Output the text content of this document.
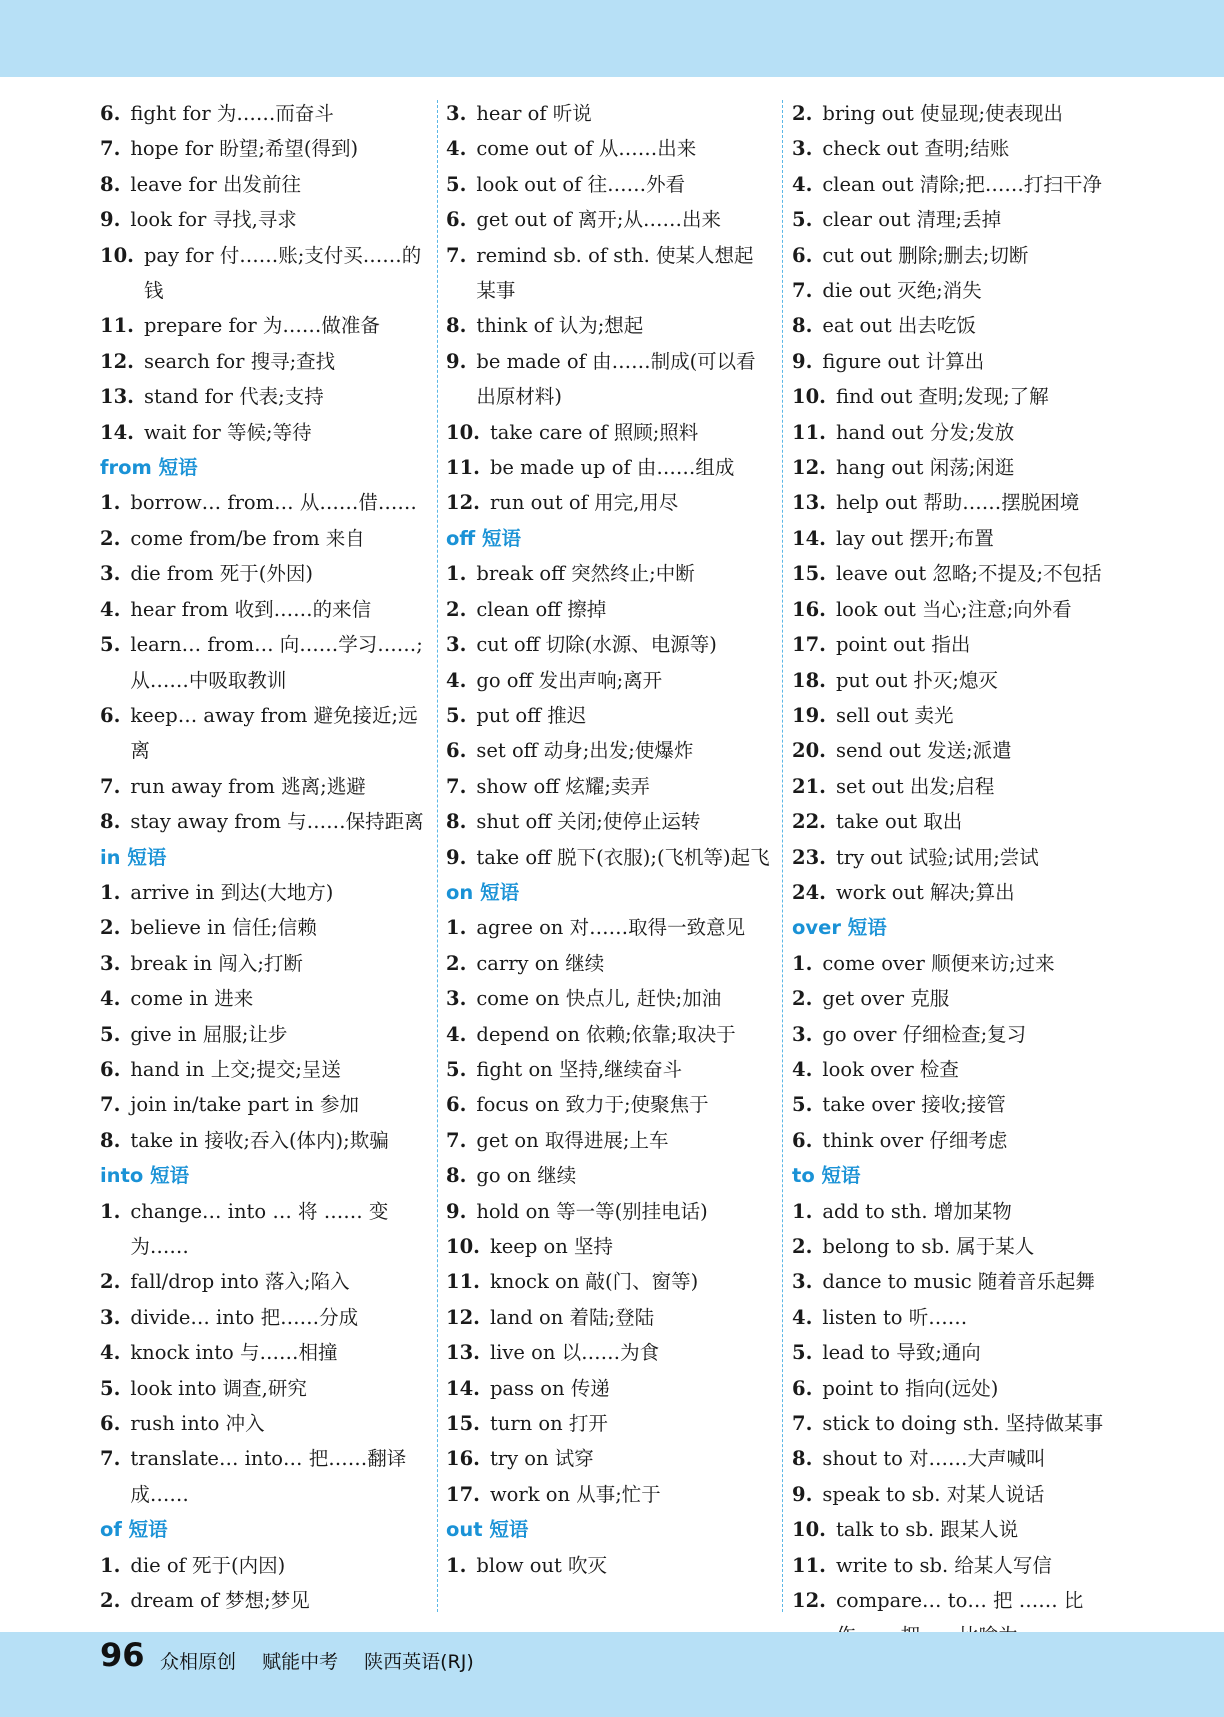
6. fight for 为……而奋斗
7. hope for 盼望;希望(得到)
8. leave for 出发前往
9. look for 寻找,寻求
10. pay for 付……账;支付买……的钱
11. prepare for 为……做准备
12. search for 搜寻;查找
13. stand for 代表;支持
14. wait for 等候;等待
from 短语
1. borrow… from… 从……借……
2. come from/be from 来自
3. die from 死于(外因)
4. hear from 收到……的来信
5. learn… from… 向……学习……;从……中吸取教训
6. keep… away from 避免接近;远离
7. run away from 逃离;逃避
8. stay away from 与……保持距离
in 短语
1. arrive in 到达(大地方)
2. believe in 信任;信赖
3. break in 闯入;打断
4. come in 进来
5. give in 屈服;让步
6. hand in 上交;提交;呈送
7. join in/take part in 参加
8. take in 接收;吞入(体内);欺骗
into 短语
1. change… into … 将 …… 变为……
2. fall/drop into 落入;陷入
3. divide… into 把……分成
4. knock into 与……相撞
5. look into 调查,研究
6. rush into 冲入
7. translate… into… 把……翻译成……
of 短语
1. die of 死于(内因)
2. dream of 梦想;梦见
3. hear of 听说
4. come out of 从……出来
5. look out of 往……外看
6. get out of 离开;从……出来
7. remind sb. of sth. 使某人想起某事
8. think of 认为;想起
9. be made of 由……制成(可以看出原材料)
10. take care of 照顾;照料
11. be made up of 由……组成
12. run out of 用完,用尽
off 短语
1. break off 突然终止;中断
2. clean off 擦掉
3. cut off 切除(水源、电源等)
4. go off 发出声响;离开
5. put off 推迟
6. set off 动身;出发;使爆炸
7. show off 炫耀;卖弄
8. shut off 关闭;使停止运转
9. take off 脱下(衣服);(飞机等)起飞
on 短语
1. agree on 对……取得一致意见
2. carry on 继续
3. come on 快点儿, 赶快;加油
4. depend on 依赖;依靠;取决于
5. fight on 坚持,继续奋斗
6. focus on 致力于;使聚焦于
7. get on 取得进展;上车
8. go on 继续
9. hold on 等一等(别挂电话)
10. keep on 坚持
11. knock on 敲(门、窗等)
12. land on 着陆;登陆
13. live on 以……为食
14. pass on 传递
15. turn on 打开
16. try on 试穿
17. work on 从事;忙于
out 短语
1. blow out 吹灭
2. bring out 使显现;使表现出
3. check out 查明;结账
4. clean out 清除;把……打扫干净
5. clear out 清理;丢掉
6. cut out 删除;删去;切断
7. die out 灭绝;消失
8. eat out 出去吃饭
9. figure out 计算出
10. find out 查明;发现;了解
11. hand out 分发;发放
12. hang out 闲荡;闲逛
13. help out 帮助……摆脱困境
14. lay out 摆开;布置
15. leave out 忽略;不提及;不包括
16. look out 当心;注意;向外看
17. point out 指出
18. put out 扑灭;熄灭
19. sell out 卖光
20. send out 发送;派遣
21. set out 出发;启程
22. take out 取出
23. try out 试验;试用;尝试
24. work out 解决;算出
over 短语
1. come over 顺便来访;过来
2. get over 克服
3. go over 仔细检查;复习
4. look over 检查
5. take over 接收;接管
6. think over 仔细考虑
to 短语
1. add to sth. 增加某物
2. belong to sb. 属于某人
3. dance to music 随着音乐起舞
4. listen to 听……
5. lead to 导致;通向
6. point to 指向(远处)
7. stick to doing sth. 坚持做某事
8. shout to 对……大声喊叫
9. speak to sb. 对某人说话
10. talk to sb. 跟某人说
11. write to sb. 给某人写信
12. compare… to… 把 …… 比
96 众相原创 赋能中考 陕西英语(RJ)
